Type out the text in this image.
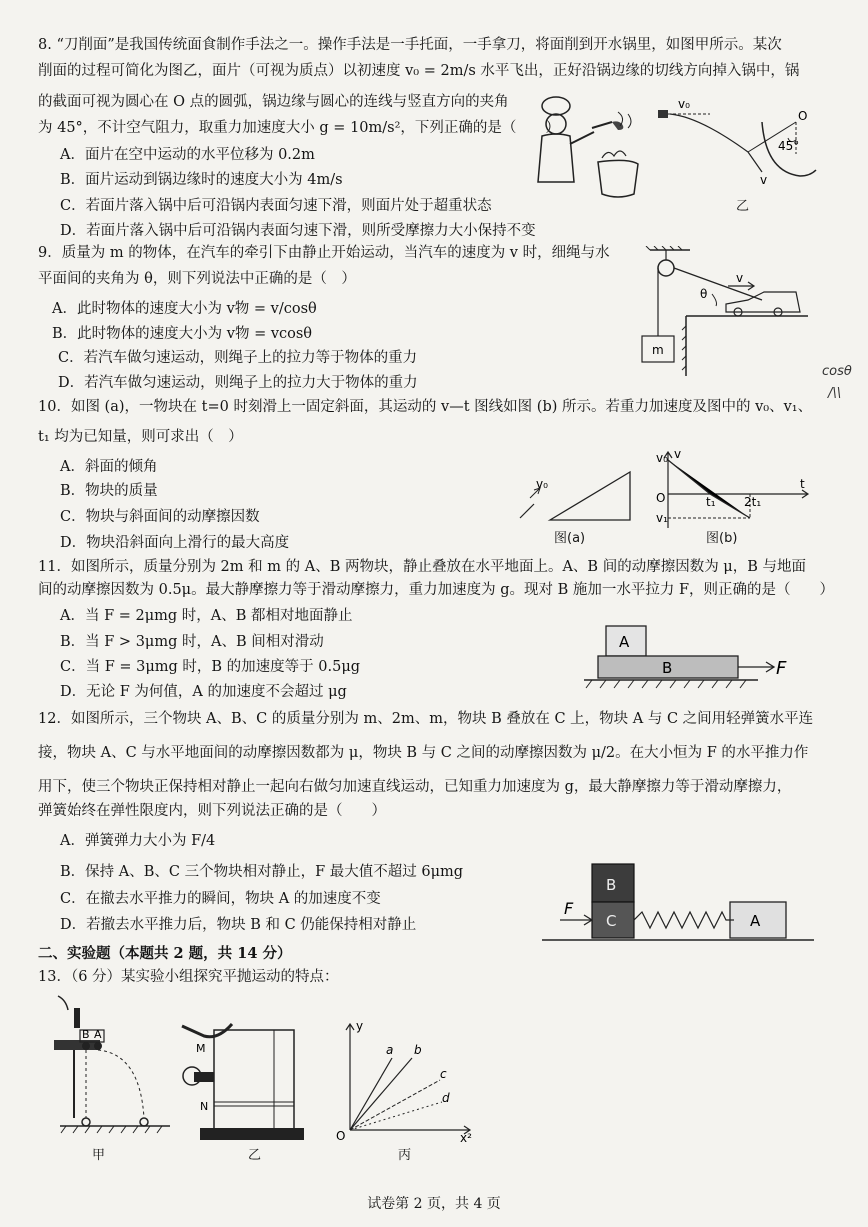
8. “刀削面”是我国传统面食制作手法之一。操作手法是一手托面，一手拿刀，将面削到开水锅里，如图甲所示。某次
削面的过程可简化为图乙，面片（可视为质点）以初速度 v₀ = 2m/s 水平飞出，正好沿锅边缘的切线方向掉入锅中，锅
的截面可视为圆心在 O 点的圆弧，锅边缘与圆心的连线与竖直方向的夹角
为 45°，不计空气阻力，取重力加速度大小 g = 10m/s²，下列正确的是（　　）
A．面片在空中运动的水平位移为 0.2m
B．面片运动到锅边缘时的速度大小为 4m/s
C．若面片落入锅中后可沿锅内表面匀速下滑，则面片处于超重状态
D．若面片落入锅中后可沿锅内表面匀速下滑，则所受摩擦力大小保持不变
v₀
O
45°
v
乙
9．质量为 m 的物体，在汽车的牵引下由静止开始运动，当汽车的速度为 v 时，细绳与水
平面间的夹角为 θ，则下列说法中正确的是（　）
A．此时物体的速度大小为 v物 = v/cosθ
B．此时物体的速度大小为 v物 = vcosθ
C．若汽车做匀速运动，则绳子上的拉力等于物体的重力
D．若汽车做匀速运动，则绳子上的拉力大于物体的重力
θ
v
m
cosθ
/\\
10．如图 (a)，一物块在 t=0 时刻滑上一固定斜面，其运动的 v—t 图线如图 (b) 所示。若重力加速度及图中的 v₀、v₁、
t₁ 均为已知量，则可求出（　）
A．斜面的倾角
B．物块的质量
C．物块与斜面间的动摩擦因数
D．物块沿斜面向上滑行的最大高度
v₀
图(a)
v₀ v
O	t₁ 2t₁
t
v₁
图(b)
11．如图所示，质量分别为 2m 和 m 的 A、B 两物块，静止叠放在水平地面上。A、B 间的动摩擦因数为 μ，B 与地面
间的动摩擦因数为 0.5μ。最大静摩擦力等于滑动摩擦力，重力加速度为 g。现对 B 施加一水平拉力 F，则正确的是（　　）
A．当 F = 2μmg 时，A、B 都相对地面静止
B．当 F > 3μmg 时，A、B 间相对滑动
C．当 F = 3μmg 时，B 的加速度等于 0.5μg
D．无论 F 为何值，A 的加速度不会超过 μg
A
B	F
12．如图所示，三个物块 A、B、C 的质量分别为 m、2m、m，物块 B 叠放在 C 上，物块 A 与 C 之间用轻弹簧水平连
接，物块 A、C 与水平地面间的动摩擦因数都为 μ，物块 B 与 C 之间的动摩擦因数为 μ/2。在大小恒为 F 的水平推力作
用下，使三个物块正保持相对静止一起向右做匀加速直线运动，已知重力加速度为 g，最大静摩擦力等于滑动摩擦力，
弹簧始终在弹性限度内，则下列说法正确的是（　　）
A．弹簧弹力大小为 F/4
B．保持 A、B、C 三个物块相对静止，F 最大值不超过 6μmg
C．在撤去水平推力的瞬间，物块 A 的加速度不变
D．若撤去水平推力后，物块 B 和 C 仍能保持相对静止
B
C	A
F
二、实验题（本题共 2 题，共 14 分）
13．（6 分）某实验小组探究平抛运动的特点：
B A
甲
M
N
乙
y
O	x²
a b
c
d
丙
试卷第 2 页，共 4 页
